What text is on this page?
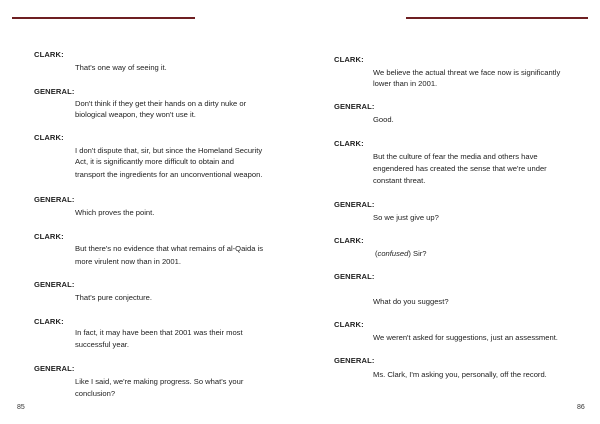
CLARK:
That's one way of seeing it.
GENERAL:
Don't think if they get their hands on a dirty nuke or
biological weapon, they won't use it.
CLARK:
I don't dispute that, sir, but since the Homeland Security
Act, it is significantly more difficult to obtain and
transport the ingredients for an unconventional weapon.
GENERAL:
Which proves the point.
CLARK:
But there's no evidence that what remains of al-Qaida is
more virulent now than in 2001.
GENERAL:
That's pure conjecture.
CLARK:
In fact, it may have been that 2001 was their most
successful year.
GENERAL:
Like I said, we're making progress. So what's your
conclusion?
85
CLARK:
We believe the actual threat we face now is significantly
lower than in 2001.
GENERAL:
Good.
CLARK:
But the culture of fear the media and others have
engendered has created the sense that we're under
constant threat.
GENERAL:
So we just give up?
CLARK:
(confused) Sir?
GENERAL:
What do you suggest?
CLARK:
We weren't asked for suggestions, just an assessment.
GENERAL:
Ms. Clark, I'm asking you, personally, off the record.
86
